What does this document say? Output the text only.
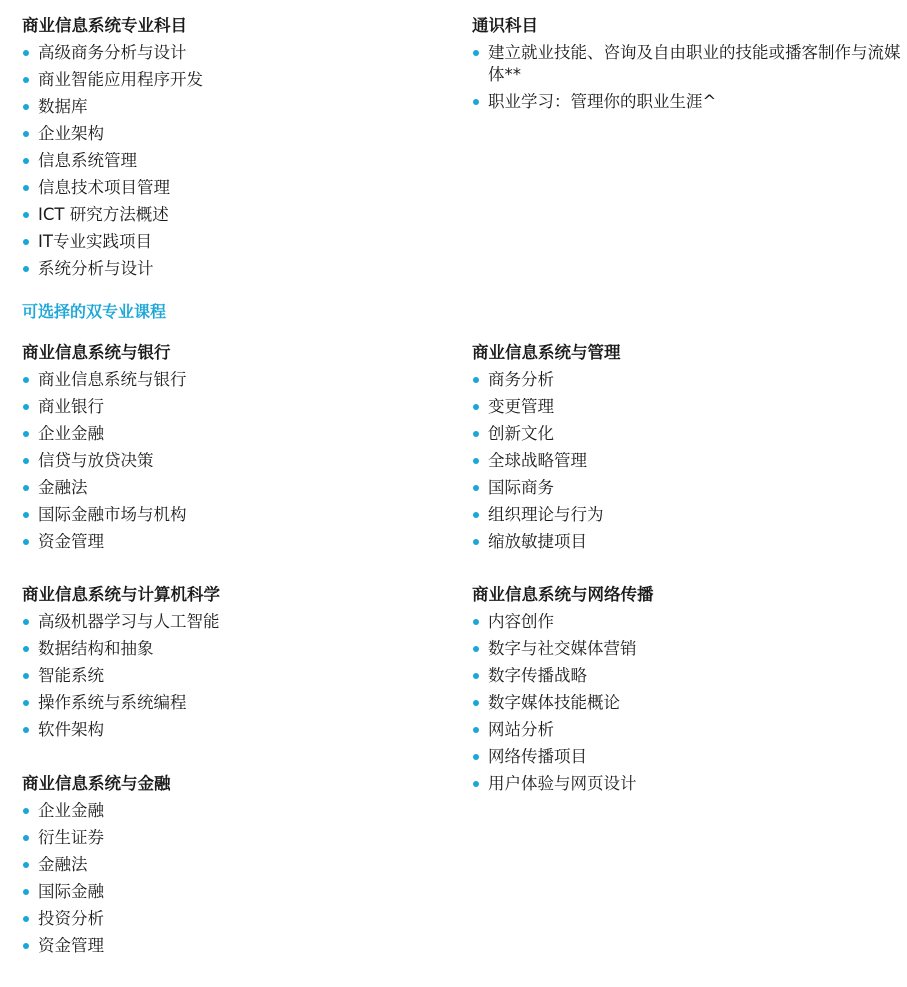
商业信息系统专业科目
高级商务分析与设计
商业智能应用程序开发
数据库
企业架构
信息系统管理
信息技术项目管理
ICT 研究方法概述
IT专业实践项目
系统分析与设计
通识科目
建立就业技能、咨询及自由职业的技能或播客制作与流媒体**
职业学习：管理你的职业生涯^
可选择的双专业课程
商业信息系统与银行
商业信息系统与银行
商业银行
企业金融
信贷与放贷决策
金融法
国际金融市场与机构
资金管理
商业信息系统与管理
商务分析
变更管理
创新文化
全球战略管理
国际商务
组织理论与行为
缩放敏捷项目
商业信息系统与计算机科学
高级机器学习与人工智能
数据结构和抽象
智能系统
操作系统与系统编程
软件架构
商业信息系统与网络传播
内容创作
数字与社交媒体营销
数字传播战略
数字媒体技能概论
网站分析
网络传播项目
用户体验与网页设计
商业信息系统与金融
企业金融
衍生证券
金融法
国际金融
投资分析
资金管理
